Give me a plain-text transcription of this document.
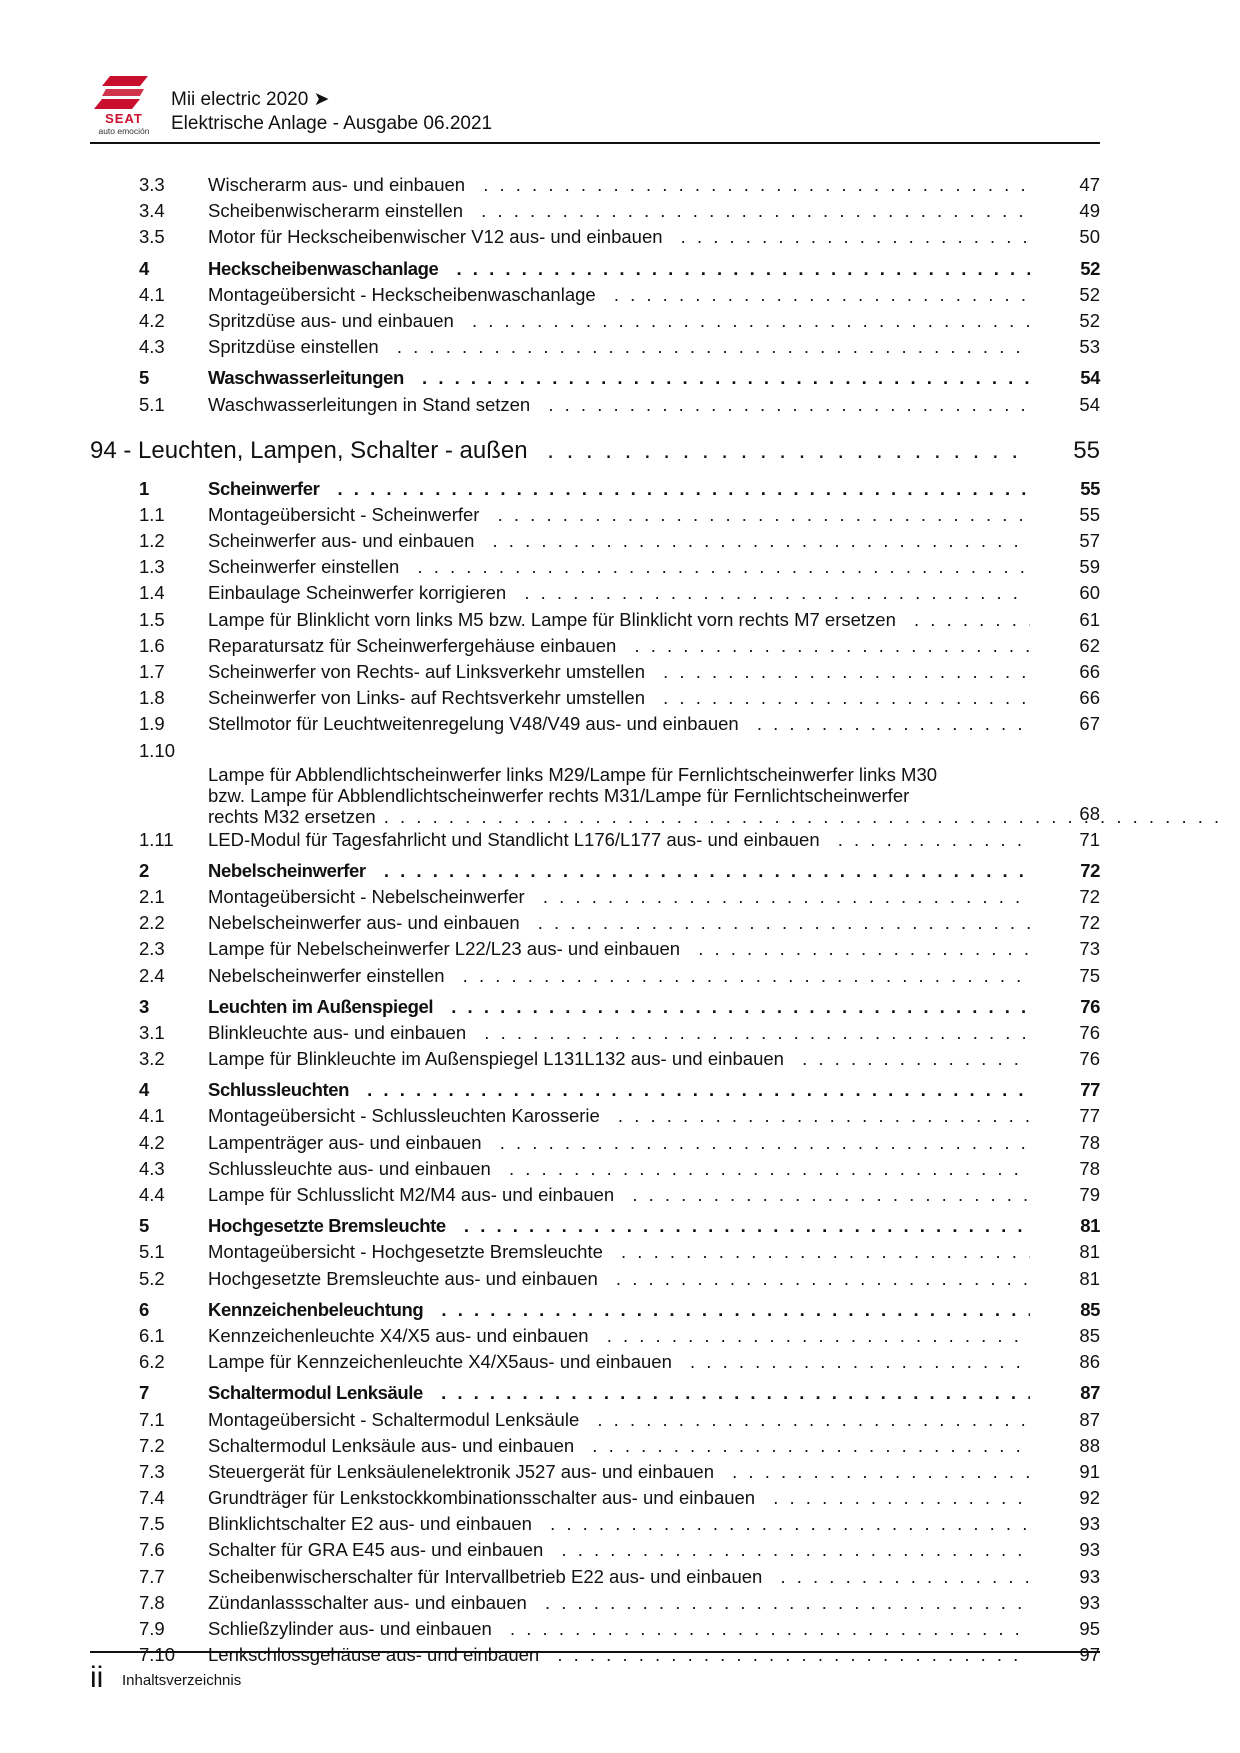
SEAT
auto emoción
Mii electric 2020 ➤
Elektrische Anlage - Ausgabe 06.2021
3.3 Wischerarm aus- und einbauen . . .	47
3.4 Scheibenwischerarm einstellen . . .	49
3.5 Motor für Heckscheibenwischer V12 aus- und einbauen . . .	50
4	Heckscheibenwaschanlage . . .	52
4.1 Montageübersicht - Heckscheibenwaschanlage . . .	52
4.2 Spritzdüse aus- und einbauen . . .	52
4.3 Spritzdüse einstellen . . .	53
5	Waschwasserleitungen . . .	54
5.1 Waschwasserleitungen in Stand setzen . . .	54
94 - Leuchten, Lampen, Schalter - außen . . .	55
1	Scheinwerfer . . .	55
1.1 Montageübersicht - Scheinwerfer . . .	55
1.2 Scheinwerfer aus- und einbauen . . .	57
1.3 Scheinwerfer einstellen . . .	59
1.4 Einbaulage Scheinwerfer korrigieren . . .	60
1.5 Lampe für Blinklicht vorn links M5 bzw. Lampe für Blinklicht vorn rechts M7 ersetzen . . .	61
1.6 Reparatursatz für Scheinwerfergehäuse einbauen . . .	62
1.7 Scheinwerfer von Rechts- auf Linksverkehr umstellen . . .	66
1.8 Scheinwerfer von Links- auf Rechtsverkehr umstellen . . .	66
1.9 Stellmotor für Leuchtweitenregelung V48/V49 aus- und einbauen . . .	67
1.10
Lampe für Abblendlichtscheinwerfer links M29/Lampe für Fernlichtscheinwerfer links M30
bzw. Lampe für Abblendlichtscheinwerfer rechts M31/Lampe für Fernlichtscheinwerfer
rechts M32 ersetzen . . .	68
1.11 LED-Modul für Tagesfahrlicht und Standlicht L176/L177 aus- und einbauen . . .	71
2	Nebelscheinwerfer . . .	72
2.1 Montageübersicht - Nebelscheinwerfer . . .	72
2.2 Nebelscheinwerfer aus- und einbauen . . .	72
2.3 Lampe für Nebelscheinwerfer L22/L23 aus- und einbauen . . .	73
2.4 Nebelscheinwerfer einstellen . . .	75
3	Leuchten im Außenspiegel . . .	76
3.1 Blinkleuchte aus- und einbauen . . .	76
3.2 Lampe für Blinkleuchte im Außenspiegel L131L132 aus- und einbauen . . .	76
4	Schlussleuchten . . .	77
4.1 Montageübersicht - Schlussleuchten Karosserie . . .	77
4.2 Lampenträger aus- und einbauen . . .	78
4.3 Schlussleuchte aus- und einbauen . . .	78
4.4 Lampe für Schlusslicht M2/M4 aus- und einbauen . . .	79
5	Hochgesetzte Bremsleuchte . . .	81
5.1 Montageübersicht - Hochgesetzte Bremsleuchte . . .	81
5.2 Hochgesetzte Bremsleuchte aus- und einbauen . . .	81
6	Kennzeichenbeleuchtung . . .	85
6.1 Kennzeichenleuchte X4/X5 aus- und einbauen . . .	85
6.2 Lampe für Kennzeichenleuchte X4/X5aus- und einbauen . . .	86
7	Schaltermodul Lenksäule . . .	87
7.1 Montageübersicht - Schaltermodul Lenksäule . . .	87
7.2 Schaltermodul Lenksäule aus- und einbauen . . .	88
7.3 Steuergerät für Lenksäulenelektronik J527 aus- und einbauen . . .	91
7.4 Grundträger für Lenkstockkombinationsschalter aus- und einbauen . . .	92
7.5 Blinklichtschalter E2 aus- und einbauen . . .	93
7.6 Schalter für GRA E45 aus- und einbauen . . .	93
7.7 Scheibenwischerschalter für Intervallbetrieb E22 aus- und einbauen . . .	93
7.8 Zündanlassschalter aus- und einbauen . . .	93
7.9 Schließzylinder aus- und einbauen . . .	95
7.10 Lenkschlossgehäuse aus- und einbauen . . .	97
ii Inhaltsverzeichnis
